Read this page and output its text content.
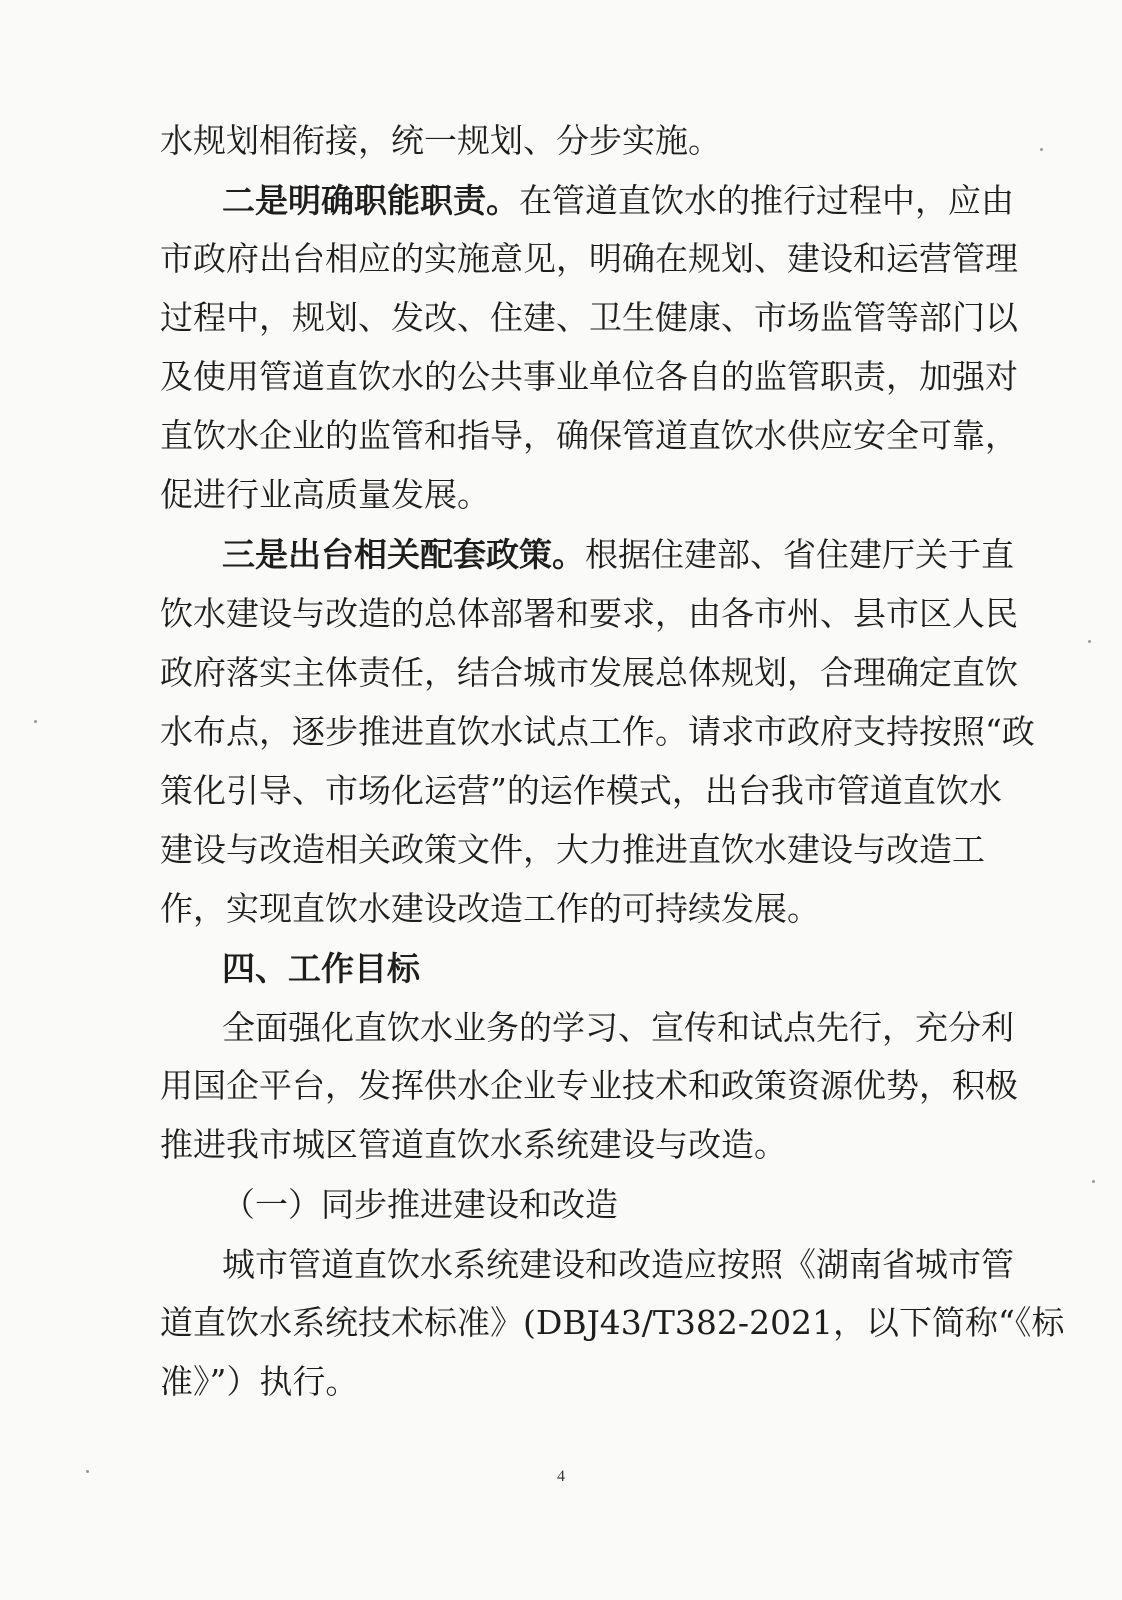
水规划相衔接，统一规划、分步实施。
二是明确职能职责。在管道直饮水的推行过程中，应由
市政府出台相应的实施意见，明确在规划、建设和运营管理
过程中，规划、发改、住建、卫生健康、市场监管等部门以
及使用管道直饮水的公共事业单位各自的监管职责，加强对
直饮水企业的监管和指导，确保管道直饮水供应安全可靠，
促进行业高质量发展。
三是出台相关配套政策。根据住建部、省住建厅关于直
饮水建设与改造的总体部署和要求，由各市州、县市区人民
政府落实主体责任，结合城市发展总体规划，合理确定直饮
水布点，逐步推进直饮水试点工作。请求市政府支持按照“政
策化引导、市场化运营”的运作模式，出台我市管道直饮水
建设与改造相关政策文件，大力推进直饮水建设与改造工
作，实现直饮水建设改造工作的可持续发展。
四、工作目标
全面强化直饮水业务的学习、宣传和试点先行，充分利
用国企平台，发挥供水企业专业技术和政策资源优势，积极
推进我市城区管道直饮水系统建设与改造。
（一）同步推进建设和改造
城市管道直饮水系统建设和改造应按照《湖南省城市管
道直饮水系统技术标准》(DBJ43/T382-2021，以下简称“《标
准》”）执行。
4
